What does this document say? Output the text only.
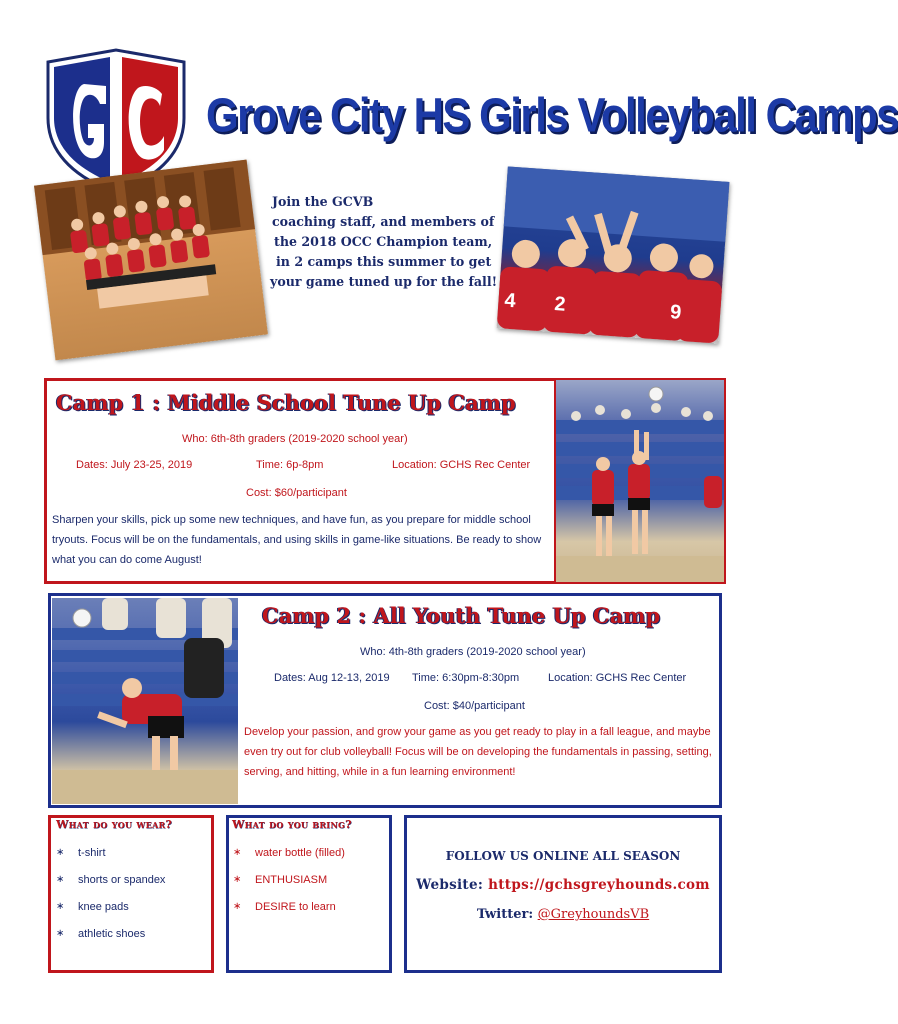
Grove City HS Girls Volleyball Camps
Join the GCVB
coaching staff, and members of
the 2018 OCC Champion team,
in 2 camps this summer to get
your game tuned up for the fall!
4 2	9
Camp 1 : Middle School Tune Up Camp
Who: 6th-8th graders (2019-2020 school year)
Dates: July 23-25, 2019	Time: 6p-8pm	Location: GCHS Rec Center
Cost: $60/participant
Sharpen your skills, pick up some new techniques, and have fun, as you prepare for middle school tryouts. Focus will be on the fundamentals, and using skills in game-like situations. Be ready to show what you can do come August!
Camp 2 : All Youth Tune Up Camp
Who: 4th-8th graders (2019-2020 school year)
Dates: Aug 12-13, 2019 Time: 6:30pm-8:30pm	Location: GCHS Rec Center
Cost: $40/participant
Develop your passion, and grow your game as you get ready to play in a fall league, and maybe even try out for club volleyball! Focus will be on developing the fundamentals in passing, setting, serving, and hitting, while in a fun learning environment!
What do you wear?
∗ t-shirt
∗ shorts or spandex
∗ knee pads
∗ athletic shoes
What do you bring?
∗ water bottle (filled)
∗ ENTHUSIASM
∗ DESIRE to learn
FOLLOW US ONLINE ALL SEASON
Website: https://gchsgreyhounds.com
Twitter: @GreyhoundsVB
